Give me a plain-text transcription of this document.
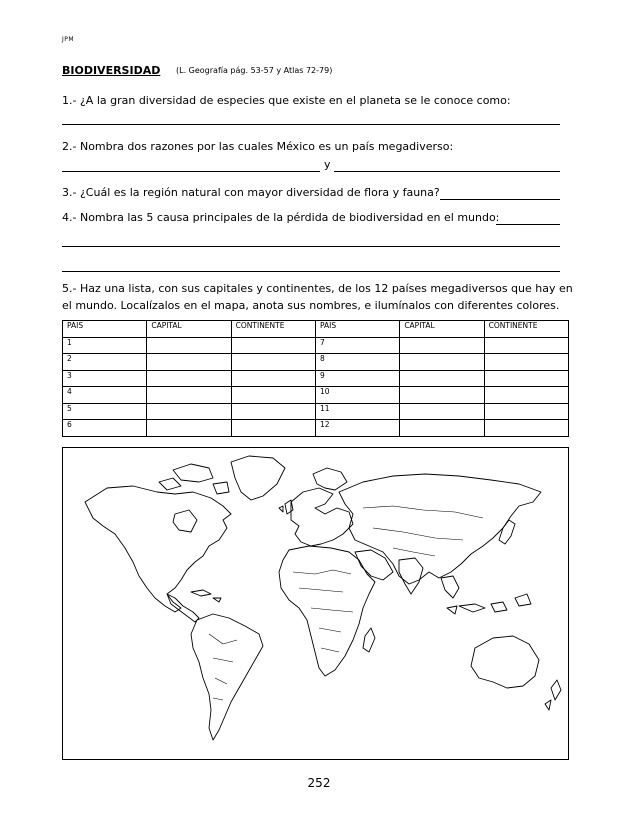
JPM
BIODIVERSIDAD (L. Geografía pág. 53-57 y Atlas 72-79)
1.- ¿A la gran diversidad de especies que existe en el planeta se le conoce como:
2.- Nombra dos razones por las cuales México es un país megadiverso:
y
3.- ¿Cuál es la región natural con mayor diversidad de flora y fauna?
4.- Nombra las 5 causa principales de la pérdida de biodiversidad en el mundo:
5.- Haz una lista, con sus capitales y continentes, de los 12 países megadiversos que hay en
el mundo. Localízalos en el mapa, anota sus nombres, e ilumínalos con diferentes colores.
PAIS	CAPITAL	CONTINENTE	PAIS	CAPITAL	CONTINENTE
1			7		
2			8		
3			9		
4			10		
5			11		
6			12		
252
